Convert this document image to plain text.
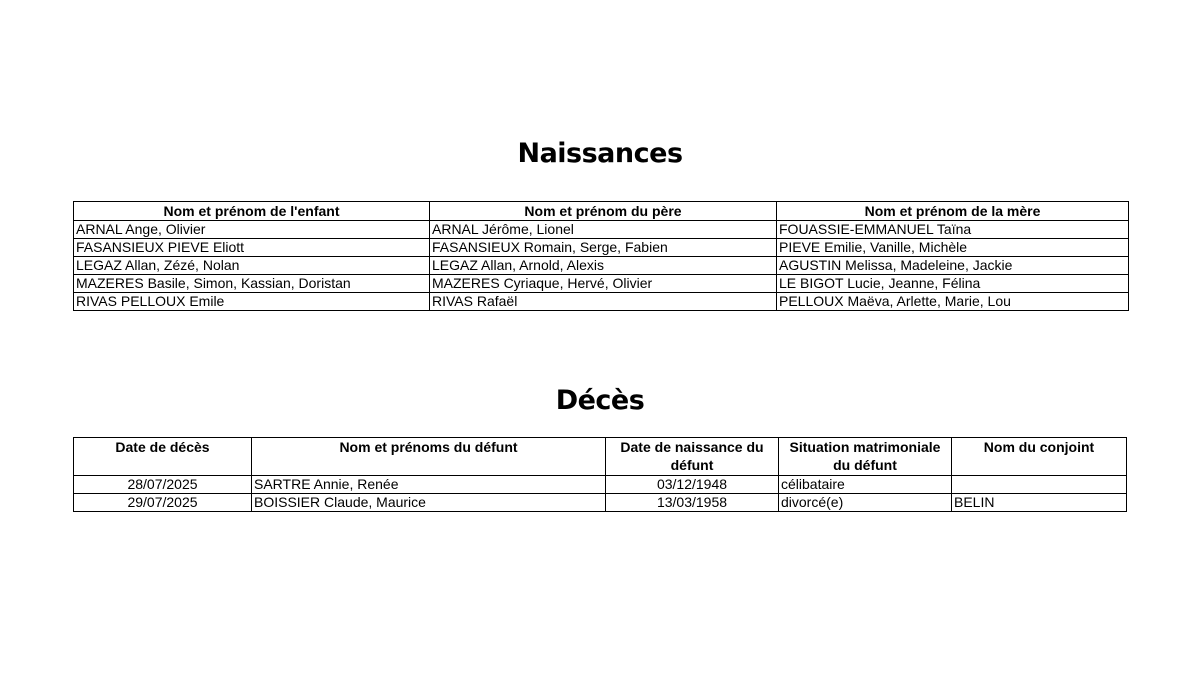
Naissances
Nom et prénom de l'enfant	Nom et prénom du père	Nom et prénom de la mère
ARNAL Ange, Olivier	ARNAL Jérôme, Lionel	FOUASSIE-EMMANUEL Taïna
FASANSIEUX PIEVE Eliott	FASANSIEUX Romain, Serge, Fabien	PIEVE Emilie, Vanille, Michèle
LEGAZ Allan, Zézé, Nolan	LEGAZ Allan, Arnold, Alexis	AGUSTIN Melissa, Madeleine, Jackie
MAZERES Basile, Simon, Kassian, Doristan	MAZERES Cyriaque, Hervé, Olivier	LE BIGOT Lucie, Jeanne, Félina
RIVAS PELLOUX Emile	RIVAS Rafaël	PELLOUX Maëva, Arlette, Marie, Lou
Décès
Date de décès	Nom et prénoms du défunt	Date de naissance du défunt	Situation matrimoniale du défunt	Nom du conjoint
28/07/2025	SARTRE Annie, Renée	03/12/1948	célibataire	
29/07/2025	BOISSIER Claude, Maurice	13/03/1958	divorcé(e)	BELIN
